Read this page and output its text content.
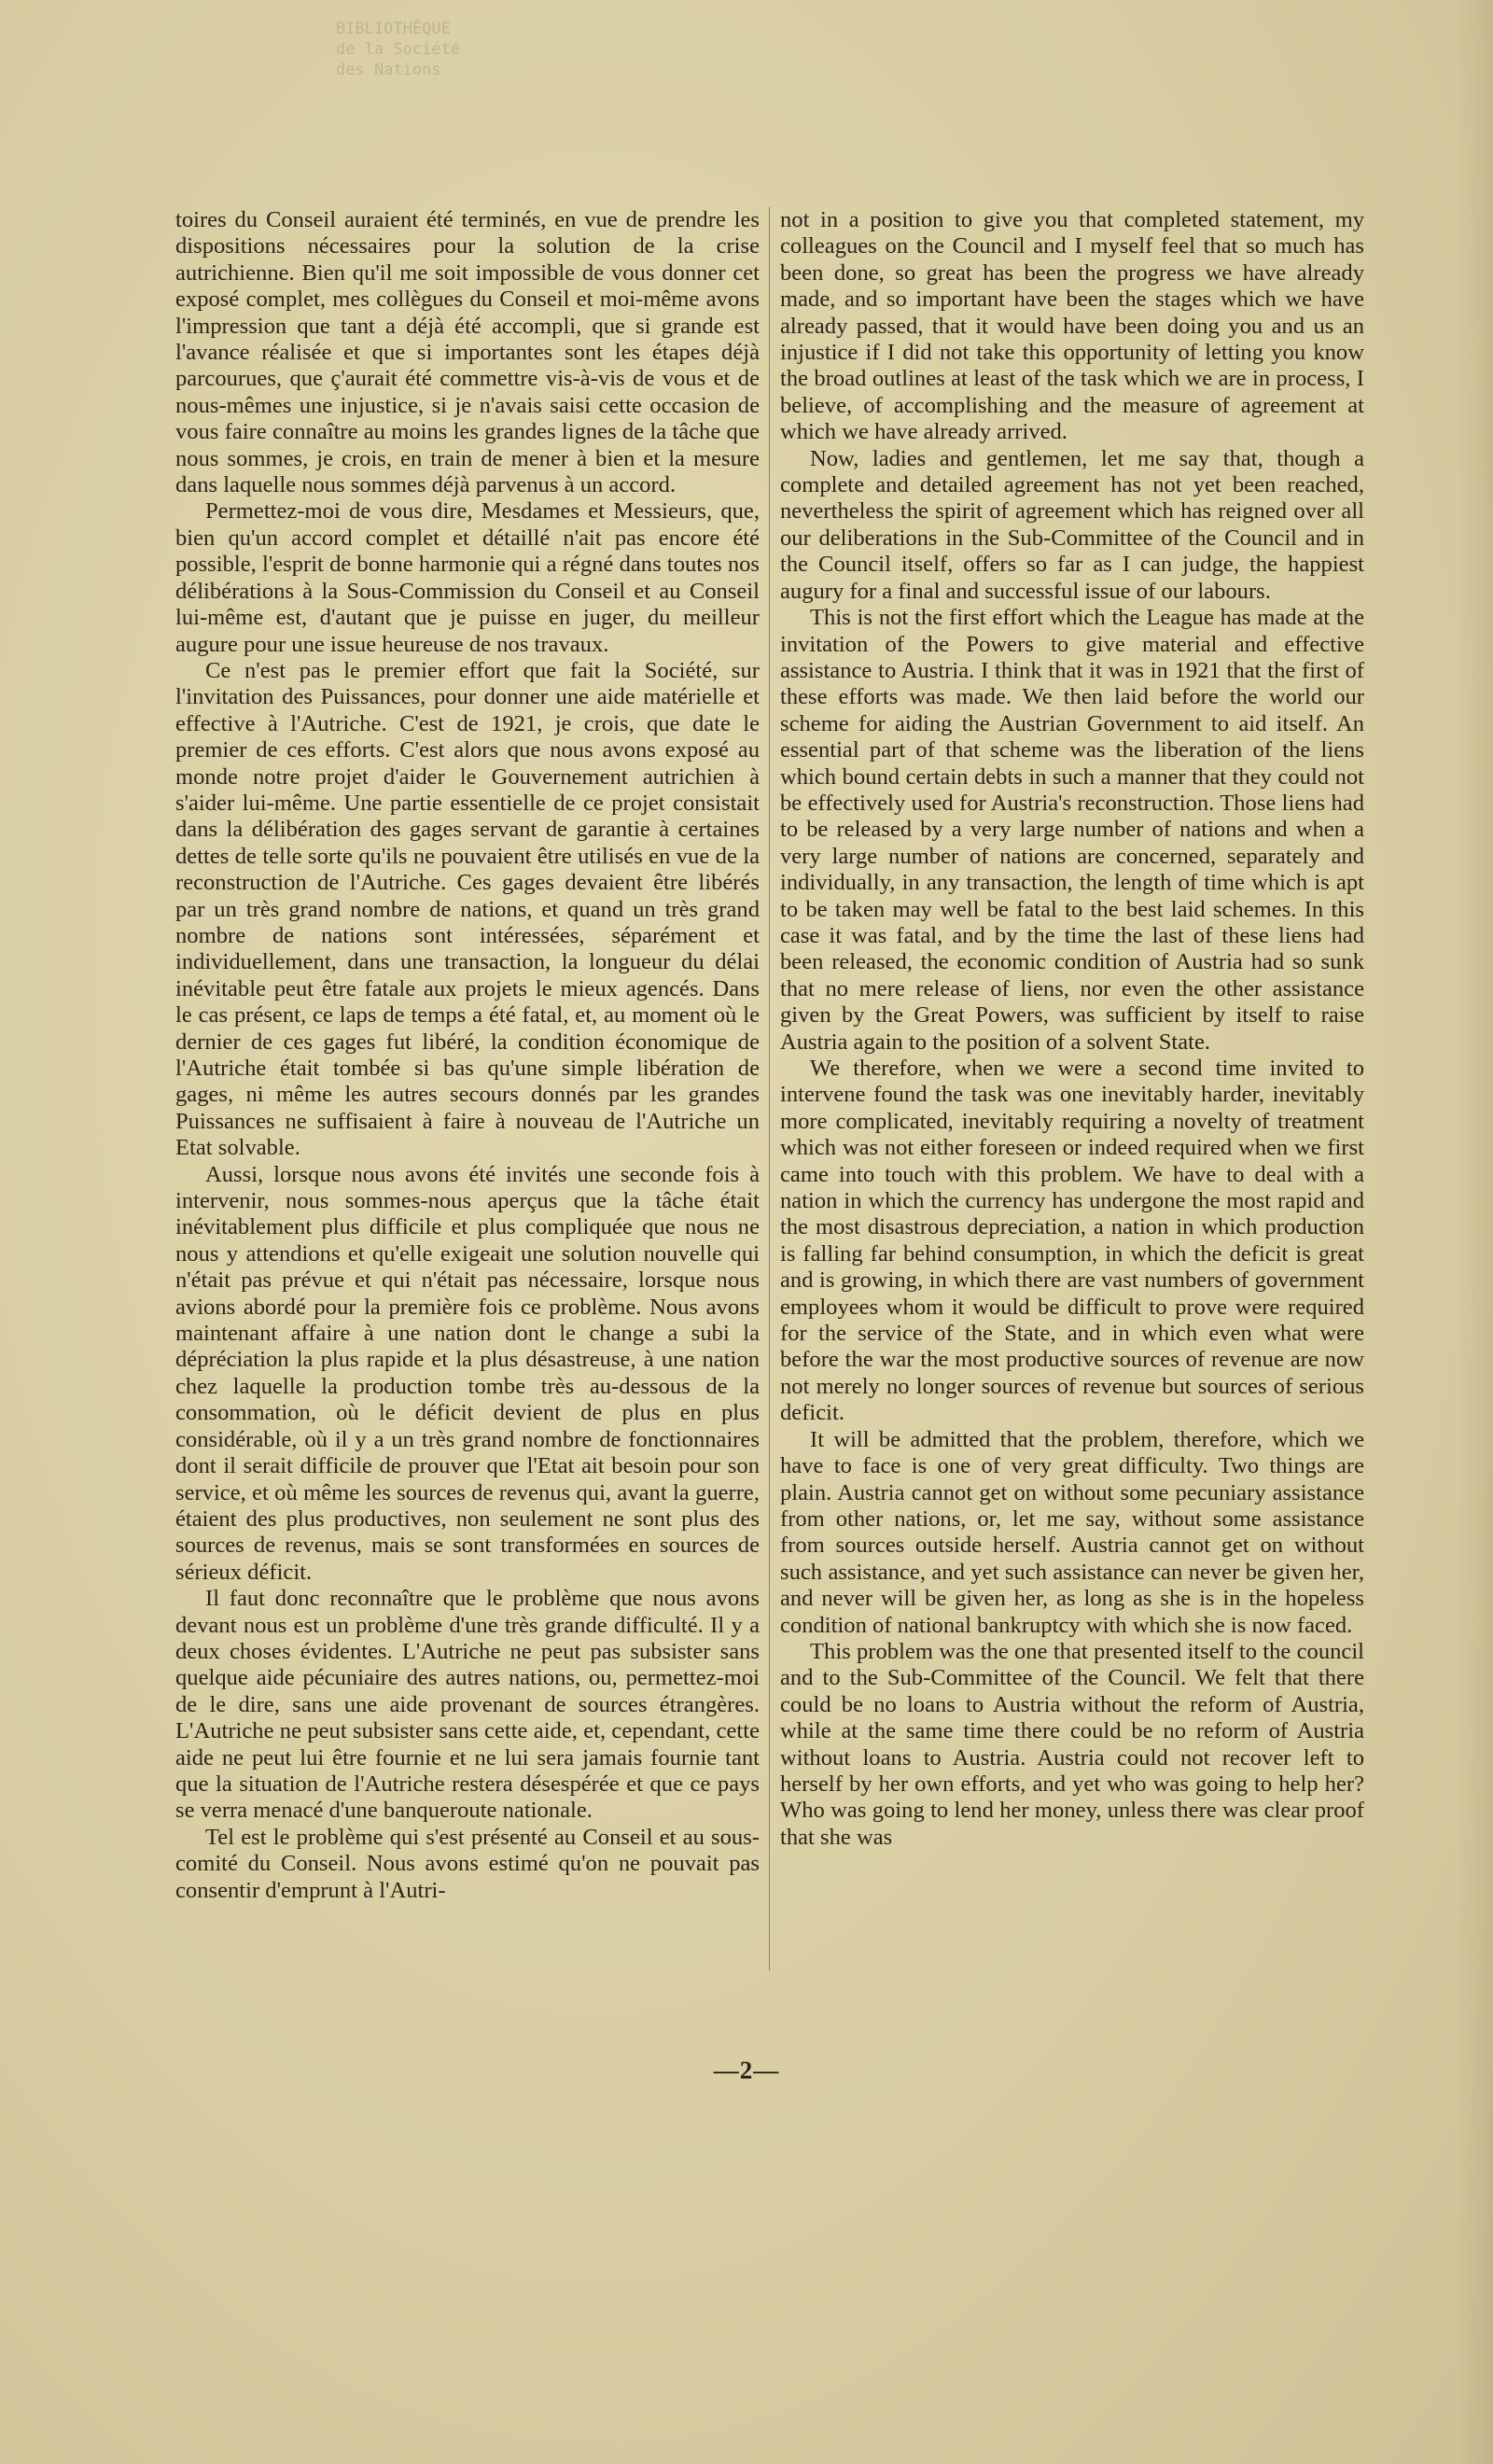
BIBLIOTHÈQUE
de la Société
des Nations

toires du Conseil auraient été terminés, en vue de prendre les dispositions nécessaires pour la solution de la crise autrichienne. Bien qu'il me soit impossible de vous donner cet exposé complet, mes collègues du Conseil et moi-même avons l'impression que tant a déjà été accompli, que si grande est l'avance réalisée et que si importantes sont les étapes déjà parcourues, que ç'aurait été commettre vis-à-vis de vous et de nous-mêmes une injustice, si je n'avais saisi cette occasion de vous faire connaître au moins les grandes lignes de la tâche que nous sommes, je crois, en train de mener à bien et la mesure dans laquelle nous sommes déjà parvenus à un accord.

Permettez-moi de vous dire, Mesdames et Messieurs, que, bien qu'un accord complet et détaillé n'ait pas encore été possible, l'esprit de bonne harmonie qui a régné dans toutes nos délibérations à la Sous-Commission du Conseil et au Conseil lui-même est, d'autant que je puisse en juger, du meilleur augure pour une issue heureuse de nos travaux.

Ce n'est pas le premier effort que fait la Société, sur l'invitation des Puissances, pour donner une aide matérielle et effective à l'Autriche. C'est de 1921, je crois, que date le premier de ces efforts. C'est alors que nous avons exposé au monde notre projet d'aider le Gouvernement autrichien à s'aider lui-même. Une partie essentielle de ce projet consistait dans la délibération des gages servant de garantie à certaines dettes de telle sorte qu'ils ne pouvaient être utilisés en vue de la reconstruction de l'Autriche. Ces gages devaient être libérés par un très grand nombre de nations, et quand un très grand nombre de nations sont intéressées, séparément et individuellement, dans une transaction, la longueur du délai inévitable peut être fatale aux projets le mieux agencés. Dans le cas présent, ce laps de temps a été fatal, et, au moment où le dernier de ces gages fut libéré, la condition économique de l'Autriche était tombée si bas qu'une simple libération de gages, ni même les autres secours donnés par les grandes Puissances ne suffisaient à faire à nouveau de l'Autriche un Etat solvable.

Aussi, lorsque nous avons été invités une seconde fois à intervenir, nous sommes-nous aperçus que la tâche était inévitablement plus difficile et plus compliquée que nous ne nous y attendions et qu'elle exigeait une solution nouvelle qui n'était pas prévue et qui n'était pas nécessaire, lorsque nous avions abordé pour la première fois ce problème. Nous avons maintenant affaire à une nation dont le change a subi la dépréciation la plus rapide et la plus désastreuse, à une nation chez laquelle la production tombe très au-dessous de la consommation, où le déficit devient de plus en plus considérable, où il y a un très grand nombre de fonctionnaires dont il serait difficile de prouver que l'Etat ait besoin pour son service, et où même les sources de revenus qui, avant la guerre, étaient des plus productives, non seulement ne sont plus des sources de revenus, mais se sont transformées en sources de sérieux déficit.

Il faut donc reconnaître que le problème que nous avons devant nous est un problème d'une très grande difficulté. Il y a deux choses évidentes. L'Autriche ne peut pas subsister sans quelque aide pécuniaire des autres nations, ou, permettez-moi de le dire, sans une aide provenant de sources étrangères. L'Autriche ne peut subsister sans cette aide, et, cependant, cette aide ne peut lui être fournie et ne lui sera jamais fournie tant que la situation de l'Autriche restera désespérée et que ce pays se verra menacé d'une banqueroute nationale.

Tel est le problème qui s'est présenté au Conseil et au sous-comité du Conseil. Nous avons estimé qu'on ne pouvait pas consentir d'emprunt à l'Autri-

not in a position to give you that completed statement, my colleagues on the Council and I myself feel that so much has been done, so great has been the progress we have already made, and so important have been the stages which we have already passed, that it would have been doing you and us an injustice if I did not take this opportunity of letting you know the broad outlines at least of the task which we are in process, I believe, of accomplishing and the measure of agreement at which we have already arrived.

Now, ladies and gentlemen, let me say that, though a complete and detailed agreement has not yet been reached, nevertheless the spirit of agreement which has reigned over all our deliberations in the Sub-Committee of the Council and in the Council itself, offers so far as I can judge, the happiest augury for a final and successful issue of our labours.

This is not the first effort which the League has made at the invitation of the Powers to give material and effective assistance to Austria. I think that it was in 1921 that the first of these efforts was made. We then laid before the world our scheme for aiding the Austrian Government to aid itself. An essential part of that scheme was the liberation of the liens which bound certain debts in such a manner that they could not be effectively used for Austria's reconstruction. Those liens had to be released by a very large number of nations and when a very large number of nations are concerned, separately and individually, in any transaction, the length of time which is apt to be taken may well be fatal to the best laid schemes. In this case it was fatal, and by the time the last of these liens had been released, the economic condition of Austria had so sunk that no mere release of liens, nor even the other assistance given by the Great Powers, was sufficient by itself to raise Austria again to the position of a solvent State.

We therefore, when we were a second time invited to intervene found the task was one inevitably harder, inevitably more complicated, inevitably requiring a novelty of treatment which was not either foreseen or indeed required when we first came into touch with this problem. We have to deal with a nation in which the currency has undergone the most rapid and the most disastrous depreciation, a nation in which production is falling far behind consumption, in which the deficit is great and is growing, in which there are vast numbers of government employees whom it would be difficult to prove were required for the service of the State, and in which even what were before the war the most productive sources of revenue are now not merely no longer sources of revenue but sources of serious deficit.

It will be admitted that the problem, therefore, which we have to face is one of very great difficulty. Two things are plain. Austria cannot get on without some pecuniary assistance from other nations, or, let me say, without some assistance from sources outside herself. Austria cannot get on without such assistance, and yet such assistance can never be given her, and never will be given her, as long as she is in the hopeless condition of national bankruptcy with which she is now faced.

This problem was the one that presented itself to the council and to the Sub-Committee of the Council. We felt that there could be no loans to Austria without the reform of Austria, while at the same time there could be no reform of Austria without loans to Austria. Austria could not recover left to herself by her own efforts, and yet who was going to help her? Who was going to lend her money, unless there was clear proof that she was

—2—
